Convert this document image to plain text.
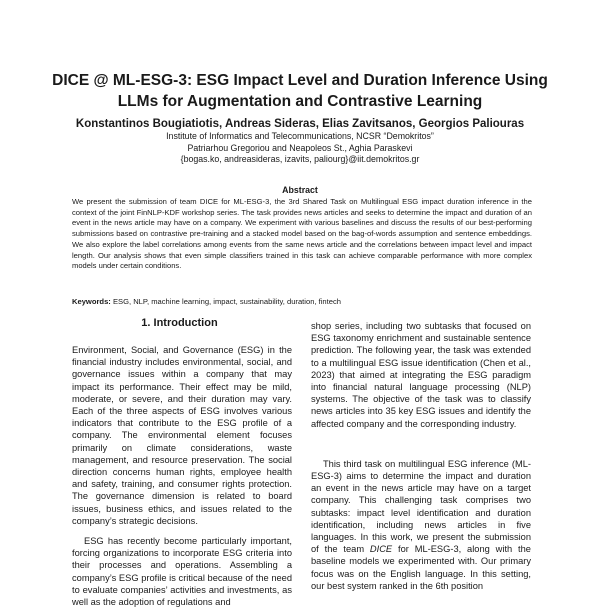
DICE @ ML-ESG-3: ESG Impact Level and Duration Inference Using LLMs for Augmentation and Contrastive Learning
Konstantinos Bougiatiotis, Andreas Sideras, Elias Zavitsanos, Georgios Paliouras
Institute of Informatics and Telecommunications, NCSR “Demokritos”
Patriarhou Gregoriou and Neapoleos St., Aghia Paraskevi
{bogas.ko, andreasideras, izavits, paliourg}@iit.demokritos.gr
Abstract
We present the submission of team DICE for ML-ESG-3, the 3rd Shared Task on Multilingual ESG impact duration inference in the context of the joint FinNLP-KDF workshop series. The task provides news articles and seeks to determine the impact and duration of an event in the news article may have on a company. We experiment with various baselines and discuss the results of our best-performing submissions based on contrastive pre-training and a stacked model based on the bag-of-words assumption and sentence embeddings. We also explore the label correlations among events from the same news article and the correlations between impact level and impact length. Our analysis shows that even simple classifiers trained in this task can achieve comparable performance with more complex models under certain conditions.
Keywords: ESG, NLP, machine learning, impact, sustainability, duration, fintech
1. Introduction

Environment, Social, and Governance (ESG) in the financial industry includes environmental, social, and governance issues within a company that may impact its performance. Their effect may be mild, moderate, or severe, and their duration may vary. Each of the three aspects of ESG involves various indicators that contribute to the ESG profile of a company. The environmental element focuses primarily on climate considerations, waste management, and resource preservation. The social direction concerns human rights, employee health and safety, training, and consumer rights protection. The governance dimension is related to board issues, business ethics, and issues related to the company’s strategic decisions.

ESG has recently become particularly important, forcing organizations to incorporate ESG criteria into their processes and operations. Assembling a company’s ESG profile is critical because of the need to evaluate companies’ activities and investments, as well as the adoption of regulations and

shop series, including two subtasks that focused on ESG taxonomy enrichment and sustainable sentence prediction. The following year, the task was extended to a multilingual ESG issue identification (Chen et al., 2023) that aimed at integrating the ESG paradigm into financial natural language processing (NLP) systems. The objective of the task was to classify news articles into 35 key ESG issues and identify the affected company and the corresponding industry.

This third task on multilingual ESG inference (ML-ESG-3) aims to determine the impact and duration an event in the news article may have on a target company. This challenging task comprises two subtasks: impact level identification and duration identification, including news articles in five languages. In this work, we present the submission of the team DICE for ML-ESG-3, along with the baseline models we experimented with. Our primary focus was on the English language. In this setting, our best system ranked in the 6th position
